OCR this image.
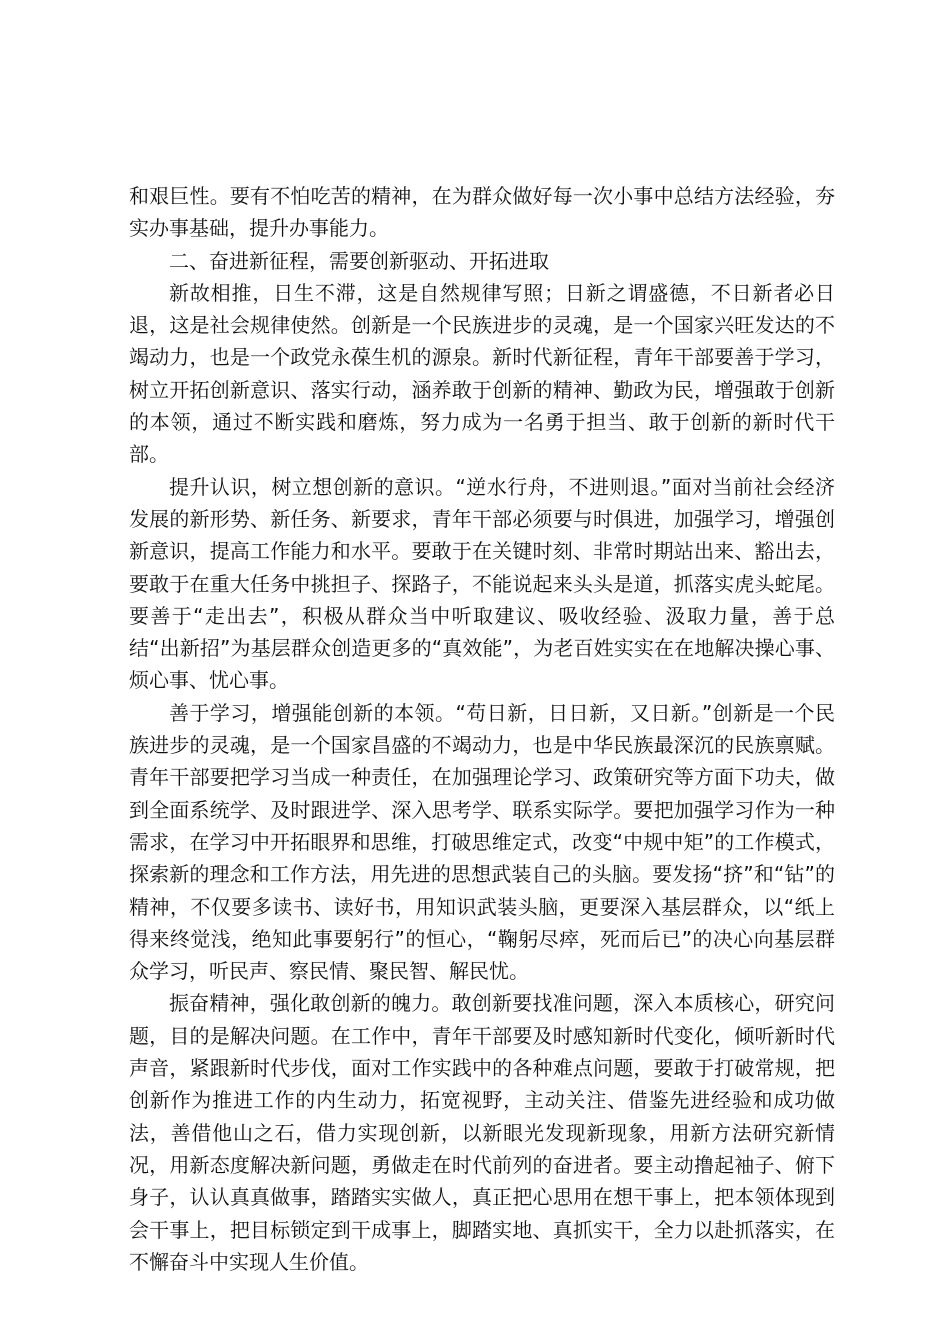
和艰巨性。要有不怕吃苦的精神，在为群众做好每一次小事中总结方法经验，夯实办事基础，提升办事能力。

二、奋进新征程，需要创新驱动、开拓进取

新故相推，日生不滞，这是自然规律写照；日新之谓盛德，不日新者必日退，这是社会规律使然。创新是一个民族进步的灵魂，是一个国家兴旺发达的不竭动力，也是一个政党永葆生机的源泉。新时代新征程，青年干部要善于学习，树立开拓创新意识、落实行动，涵养敢于创新的精神、勤政为民，增强敢于创新的本领，通过不断实践和磨炼，努力成为一名勇于担当、敢于创新的新时代干部。

提升认识，树立想创新的意识。“逆水行舟，不进则退。”面对当前社会经济发展的新形势、新任务、新要求，青年干部必须要与时俱进，加强学习，增强创新意识，提高工作能力和水平。要敢于在关键时刻、非常时期站出来、豁出去，要敢于在重大任务中挑担子、探路子，不能说起来头头是道，抓落实虎头蛇尾。要善于“走出去”，积极从群众当中听取建议、吸收经验、汲取力量，善于总结“出新招”为基层群众创造更多的“真效能”，为老百姓实实在在地解决操心事、烦心事、忧心事。

善于学习，增强能创新的本领。“苟日新，日日新，又日新。”创新是一个民族进步的灵魂，是一个国家昌盛的不竭动力，也是中华民族最深沉的民族禀赋。青年干部要把学习当成一种责任，在加强理论学习、政策研究等方面下功夫，做到全面系统学、及时跟进学、深入思考学、联系实际学。要把加强学习作为一种需求，在学习中开拓眼界和思维，打破思维定式，改变“中规中矩”的工作模式，探索新的理念和工作方法，用先进的思想武装自己的头脑。要发扬“挤”和“钻”的精神，不仅要多读书、读好书，用知识武装头脑，更要深入基层群众，以“纸上得来终觉浅，绝知此事要躬行”的恒心，“鞠躬尽瘁，死而后已”的决心向基层群众学习，听民声、察民情、聚民智、解民忧。

振奋精神，强化敢创新的魄力。敢创新要找准问题，深入本质核心，研究问题，目的是解决问题。在工作中，青年干部要及时感知新时代变化，倾听新时代声音，紧跟新时代步伐，面对工作实践中的各种难点问题，要敢于打破常规，把创新作为推进工作的内生动力，拓宽视野，主动关注、借鉴先进经验和成功做法，善借他山之石，借力实现创新，以新眼光发现新现象，用新方法研究新情况，用新态度解决新问题，勇做走在时代前列的奋进者。要主动撸起袖子、俯下身子，认认真真做事，踏踏实实做人，真正把心思用在想干事上，把本领体现到会干事上，把目标锁定到干成事上，脚踏实地、真抓实干，全力以赴抓落实，在不懈奋斗中实现人生价值。
